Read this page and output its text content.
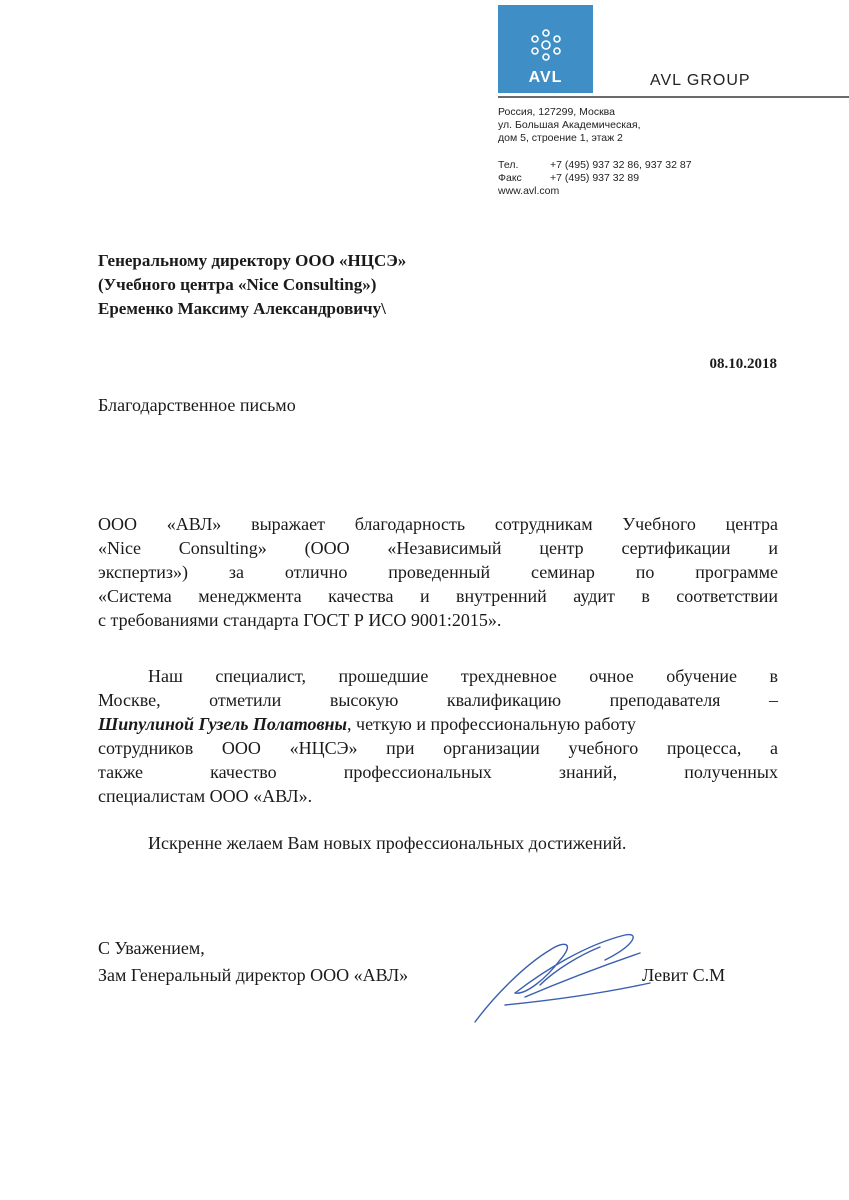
AVL	AVL GROUP
Россия, 127299, Москва
ул. Большая Академическая,
дом 5, строение 1, этаж 2
Тел.	+7 (495) 937 32 86, 937 32 87
Факс	+7 (495) 937 32 89
www.avl.com
Генеральному директору ООО «НЦСЭ»
(Учебного центра «Nice Consulting»)
Еременко Максиму Александровичу\
08.10.2018
Благодарственное письмо
ООО «АВЛ» выражает благодарность сотрудникам Учебного центра
«Nice Consulting» (ООО «Независимый центр сертификации и
экспертиз») за отлично проведенный семинар по программе
«Система менеджмента качества и внутренний аудит в соответствии
с требованиями стандарта ГОСТ Р ИСО 9001:2015».
Наш специалист, прошедшие трехдневное очное обучение в
Москве, отметили высокую квалификацию преподавателя –
Шипулиной Гузель Полатовны, четкую и профессиональную работу
сотрудников ООО «НЦСЭ» при организации учебного процесса, а
также качество профессиональных знаний, полученных
специалистам ООО «АВЛ».
Искренне желаем Вам новых профессиональных достижений.
С Уважением,
Зам Генеральный директор ООО «АВЛ»	Левит С.М
